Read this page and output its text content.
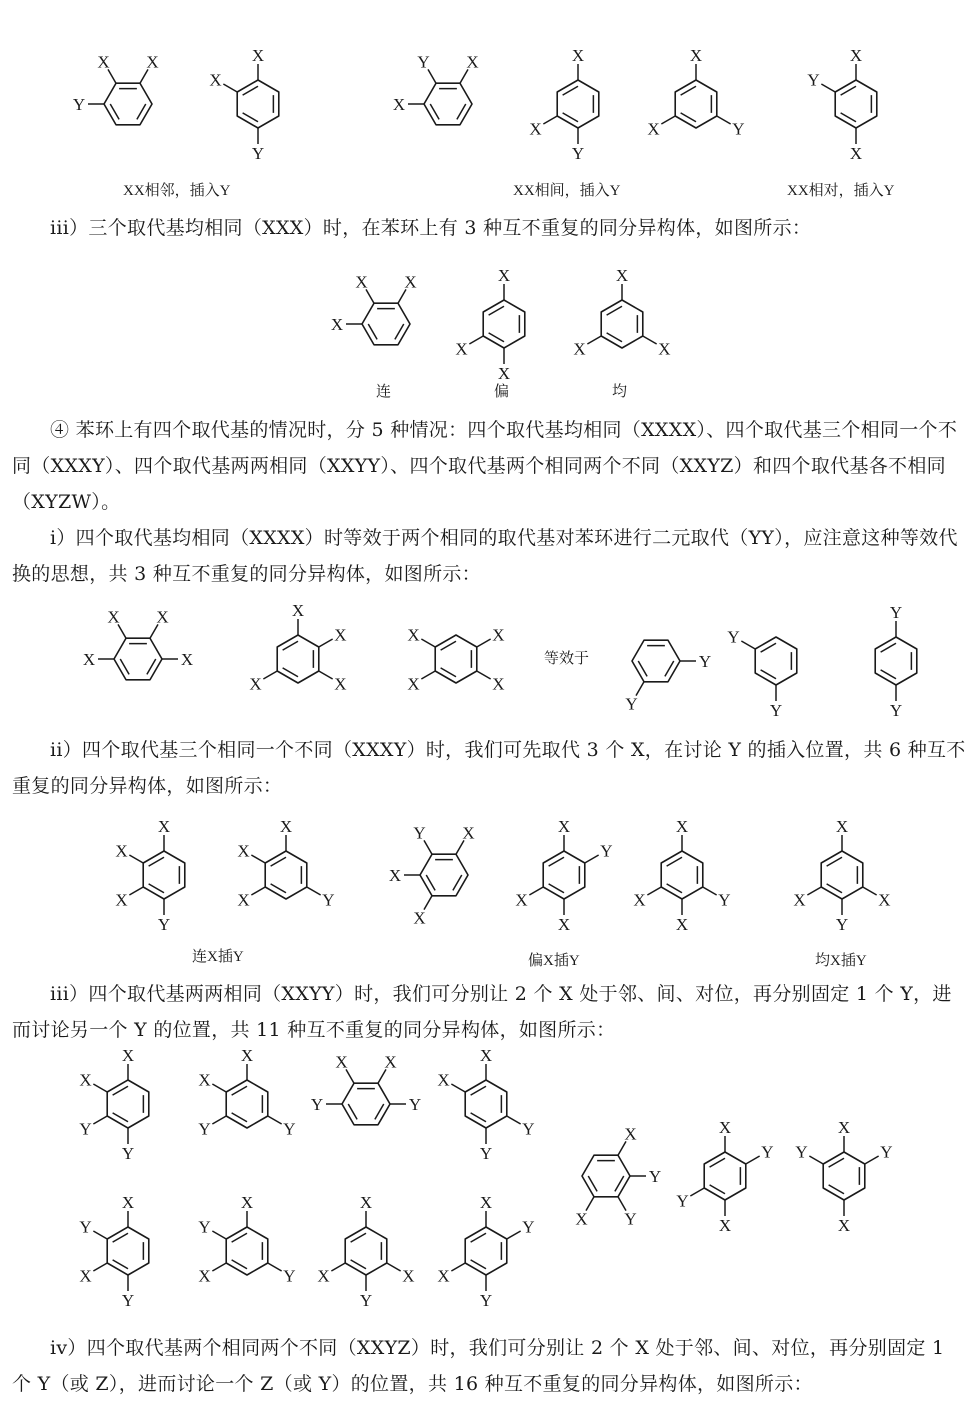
X
X
Y
X
X
Y
X
Y
X
X
X
Y
X
X	Y
X
Y
X
XX相邻，插入Y	XX相间，插入Y	XX相对，插入Y

iii）三个取代基均相同（XXX）时，在苯环上有 3 种互不重复的同分异构体，如图所示：

X
X
X
X
X
X
X
X	X
连	偏	均

④ 苯环上有四个取代基的情况时，分 5 种情况：四个取代基均相同（XXXX）、四个取代基三个相同一个不同（XXXY）、四个取代基两两相同（XXYY）、四个取代基两个相同两个不同（XXYZ）和四个取代基各不相同（XYZW）。

i）四个取代基均相同（XXXX）时等效于两个相同的取代基对苯环进行二元取代（YY），应注意这种等效代换的思想，共 3 种互不重复的同分异构体，如图所示：

X
X
X
X
X
X
X
X
X
X
X
X
等效于	Y
Y
Y
Y
Y
Y

ii）四个取代基三个相同一个不同（XXXY）时，我们可先取代 3 个 X，在讨论 Y 的插入位置，共 6 种互不重复的同分异构体，如图所示：

X
X
X
Y
X
X
X	Y
X
Y
X
X
X
Y
X
X
X
X	Y
X
X
X	X
Y
连X插Y	偏X插Y	均X插Y

iii）四个取代基两两相同（XXYY）时，我们可分别让 2 个 X 处于邻、间、对位，再分别固定 1 个 Y，进而讨论另一个 Y 的位置，共 11 种互不重复的同分异构体，如图所示：

X
X
Y
Y
X
X
Y	Y
X
X
Y
Y
X
X
Y
Y
X
Y
Y
X
X
Y
Y
X
X
Y	Y
X
X
Y
X
Y
X
Y
X	Y
X
X	X
Y
X
Y
X
Y

iv）四个取代基两个相同两个不同（XXYZ）时，我们可分别让 2 个 X 处于邻、间、对位，再分别固定 1 个 Y（或 Z），进而讨论一个 Z（或 Y）的位置，共 16 种互不重复的同分异构体，如图所示：
